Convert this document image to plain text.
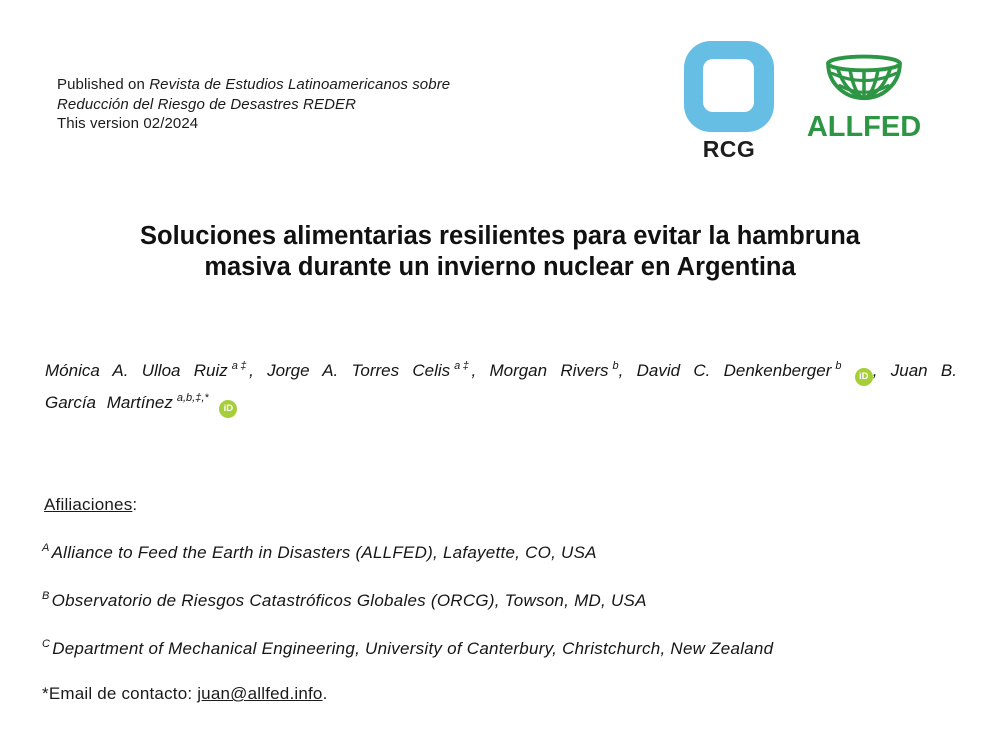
Published on Revista de Estudios Latinoamericanos sobre
Reducción del Riesgo de Desastres REDER
This version 02/2024
RCG
ALLFED
Soluciones alimentarias resilientes para evitar la hambruna
masiva durante un invierno nuclear en Argentina

Mónica A. Ulloa Ruiz $^{a\ddagger}$, Jorge A. Torres Celis $^{a\ddagger}$, Morgan Rivers $^b$, David C. Denkenberger $^b$ iD , Juan B. García Martínez $^{a,b,\ddagger,*}$ iD

Afiliaciones:

$^A$ Alliance to Feed the Earth in Disasters (ALLFED), Lafayette, CO, USA

$^B$ Observatorio de Riesgos Catastróficos Globales (ORCG), Towson, MD, USA

$^C$ Department of Mechanical Engineering, University of Canterbury, Christchurch, New Zealand

*Email de contacto: juan@allfed.info.
